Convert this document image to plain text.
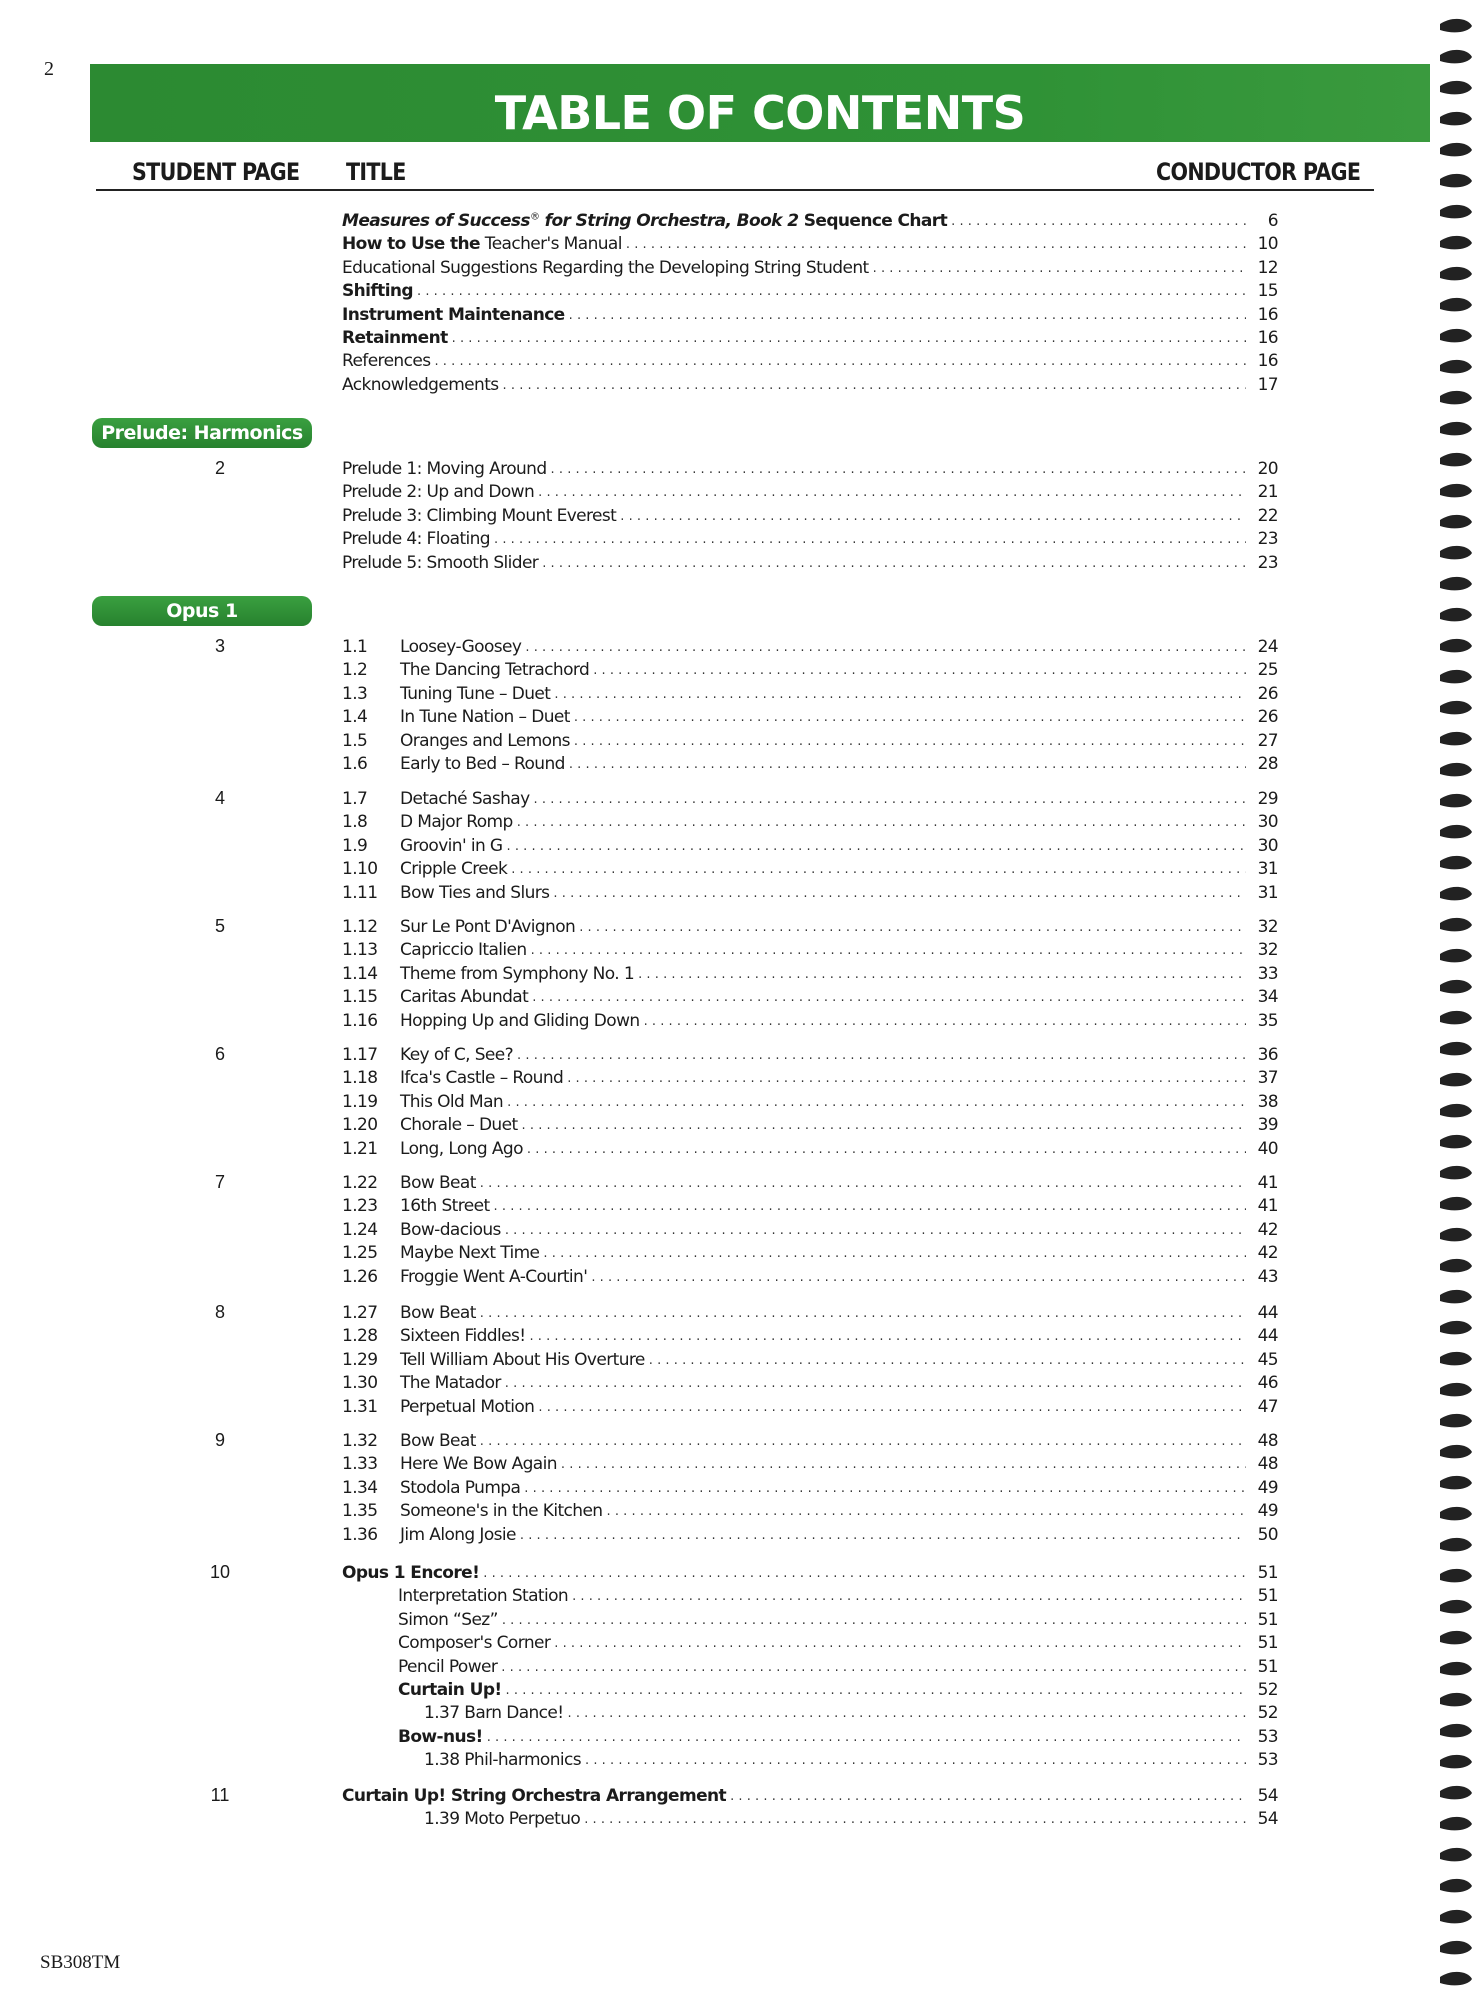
2
TABLE OF CONTENTS
STUDENT PAGE TITLE	CONDUCTOR PAGE
Measures of Success® for String Orchestra, Book 2 Sequence Chart .....	6
How to Use the Teacher's Manual .....	10
Educational Suggestions Regarding the Developing String Student .....	12
Shifting .....	15
Instrument Maintenance .....	16
Retainment .....	16
References .....	16
Acknowledgements .....	17
Prelude: Harmonics
2	Prelude 1: Moving Around .....	20
Prelude 2: Up and Down .....	21
Prelude 3: Climbing Mount Everest .....	22
Prelude 4: Floating .....	23
Prelude 5: Smooth Slider .....	23
Opus 1
3	1.1	Loosey-Goosey .....	24
1.2	The Dancing Tetrachord .....	25
1.3	Tuning Tune – Duet .....	26
1.4	In Tune Nation – Duet .....	26
1.5	Oranges and Lemons .....	27
1.6	Early to Bed – Round .....	28
4	1.7	Detaché Sashay .....	29
1.8	D Major Romp .....	30
1.9	Groovin' in G .....	30
1.10	Cripple Creek .....	31
1.11	Bow Ties and Slurs .....	31
5	1.12	Sur Le Pont D'Avignon .....	32
1.13	Capriccio Italien .....	32
1.14	Theme from Symphony No. 1 .....	33
1.15	Caritas Abundat .....	34
1.16	Hopping Up and Gliding Down .....	35
6	1.17	Key of C, See? .....	36
1.18	Ifca's Castle – Round .....	37
1.19	This Old Man .....	38
1.20	Chorale – Duet .....	39
1.21	Long, Long Ago .....	40
7	1.22	Bow Beat .....	41
1.23	16th Street .....	41
1.24	Bow-dacious .....	42
1.25	Maybe Next Time .....	42
1.26	Froggie Went A-Courtin' .....	43
8	1.27	Bow Beat .....	44
1.28	Sixteen Fiddles! .....	44
1.29	Tell William About His Overture .....	45
1.30	The Matador .....	46
1.31	Perpetual Motion .....	47
9	1.32	Bow Beat .....	48
1.33	Here We Bow Again .....	48
1.34	Stodola Pumpa .....	49
1.35	Someone's in the Kitchen .....	49
1.36	Jim Along Josie .....	50
10	Opus 1 Encore! .....	51
Interpretation Station .....	51
Simon “Sez” .....	51
Composer's Corner .....	51
Pencil Power .....	51
Curtain Up! .....	52
1.37 Barn Dance! .....	52
Bow-nus! .....	53
1.38 Phil-harmonics .....	53
11	Curtain Up! String Orchestra Arrangement .....	54
1.39 Moto Perpetuo .....	54
SB308TM
